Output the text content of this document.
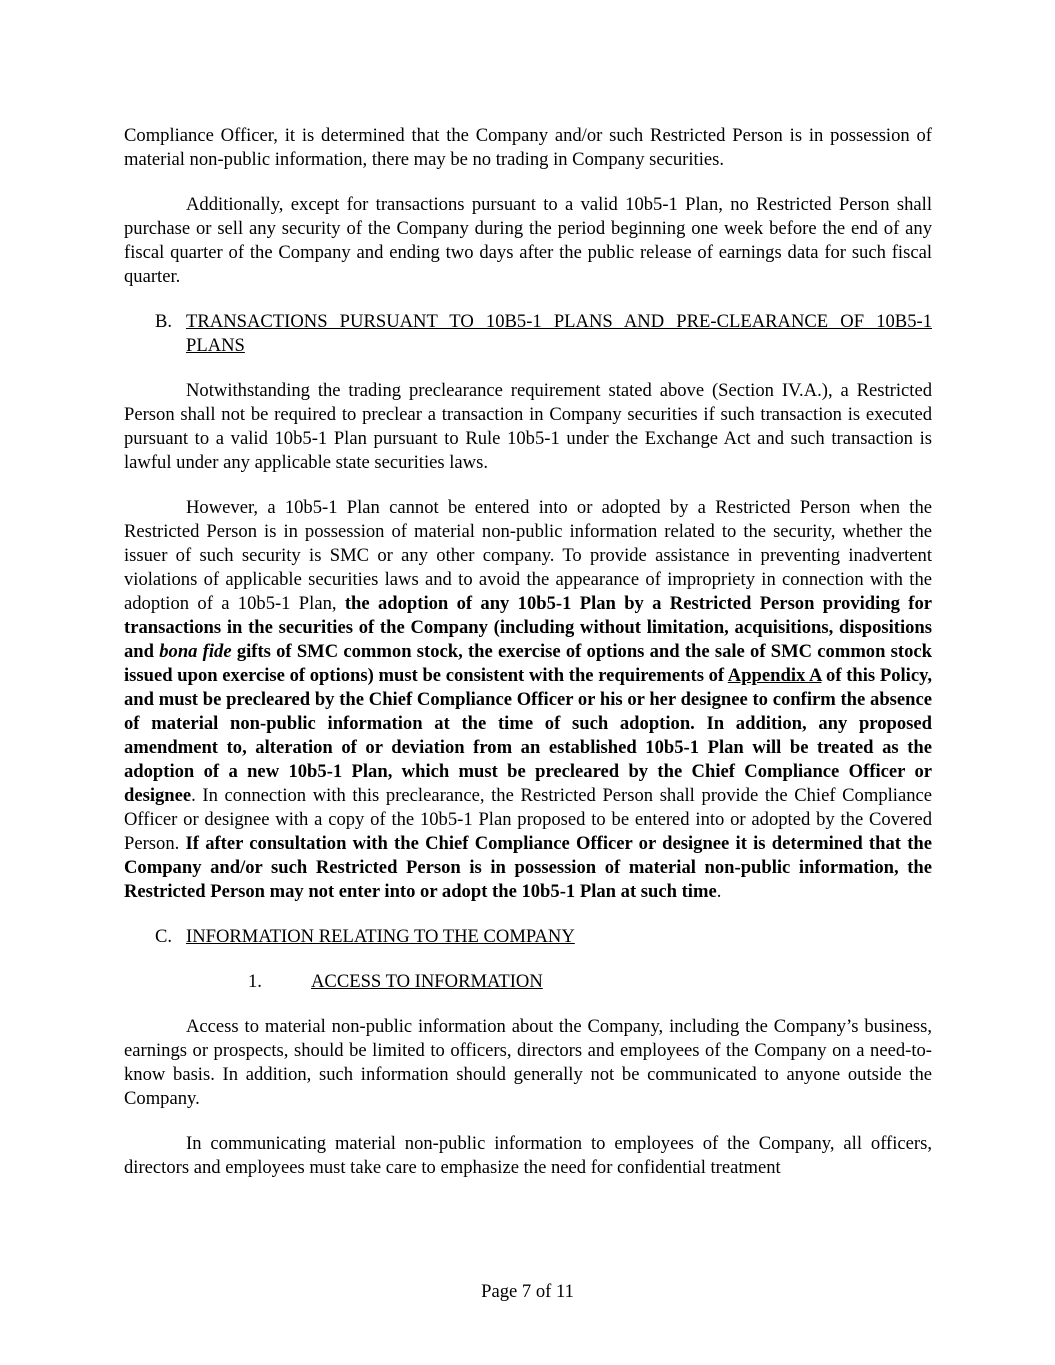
Compliance Officer, it is determined that the Company and/or such Restricted Person is in possession of material non-public information, there may be no trading in Company securities.

Additionally, except for transactions pursuant to a valid 10b5-1 Plan, no Restricted Person shall purchase or sell any security of the Company during the period beginning one week before the end of any fiscal quarter of the Company and ending two days after the public release of earnings data for such fiscal quarter.

B. TRANSACTIONS PURSUANT TO 10B5-1 PLANS AND PRE-CLEARANCE OF 10B5-1 PLANS

Notwithstanding the trading preclearance requirement stated above (Section IV.A.), a Restricted Person shall not be required to preclear a transaction in Company securities if such transaction is executed pursuant to a valid 10b5-1 Plan pursuant to Rule 10b5-1 under the Exchange Act and such transaction is lawful under any applicable state securities laws.

However, a 10b5-1 Plan cannot be entered into or adopted by a Restricted Person when the Restricted Person is in possession of material non-public information related to the security, whether the issuer of such security is SMC or any other company. To provide assistance in preventing inadvertent violations of applicable securities laws and to avoid the appearance of impropriety in connection with the adoption of a 10b5-1 Plan, the adoption of any 10b5-1 Plan by a Restricted Person providing for transactions in the securities of the Company (including without limitation, acquisitions, dispositions and bona fide gifts of SMC common stock, the exercise of options and the sale of SMC common stock issued upon exercise of options) must be consistent with the requirements of Appendix A of this Policy, and must be precleared by the Chief Compliance Officer or his or her designee to confirm the absence of material non-public information at the time of such adoption. In addition, any proposed amendment to, alteration of or deviation from an established 10b5-1 Plan will be treated as the adoption of a new 10b5-1 Plan, which must be precleared by the Chief Compliance Officer or designee. In connection with this preclearance, the Restricted Person shall provide the Chief Compliance Officer or designee with a copy of the 10b5-1 Plan proposed to be entered into or adopted by the Covered Person. If after consultation with the Chief Compliance Officer or designee it is determined that the Company and/or such Restricted Person is in possession of material non-public information, the Restricted Person may not enter into or adopt the 10b5-1 Plan at such time.

C. INFORMATION RELATING TO THE COMPANY
1.	ACCESS TO INFORMATION

Access to material non-public information about the Company, including the Company’s business, earnings or prospects, should be limited to officers, directors and employees of the Company on a need-to-know basis. In addition, such information should generally not be communicated to anyone outside the Company.

In communicating material non-public information to employees of the Company, all officers, directors and employees must take care to emphasize the need for confidential treatment

Page 7 of 11
